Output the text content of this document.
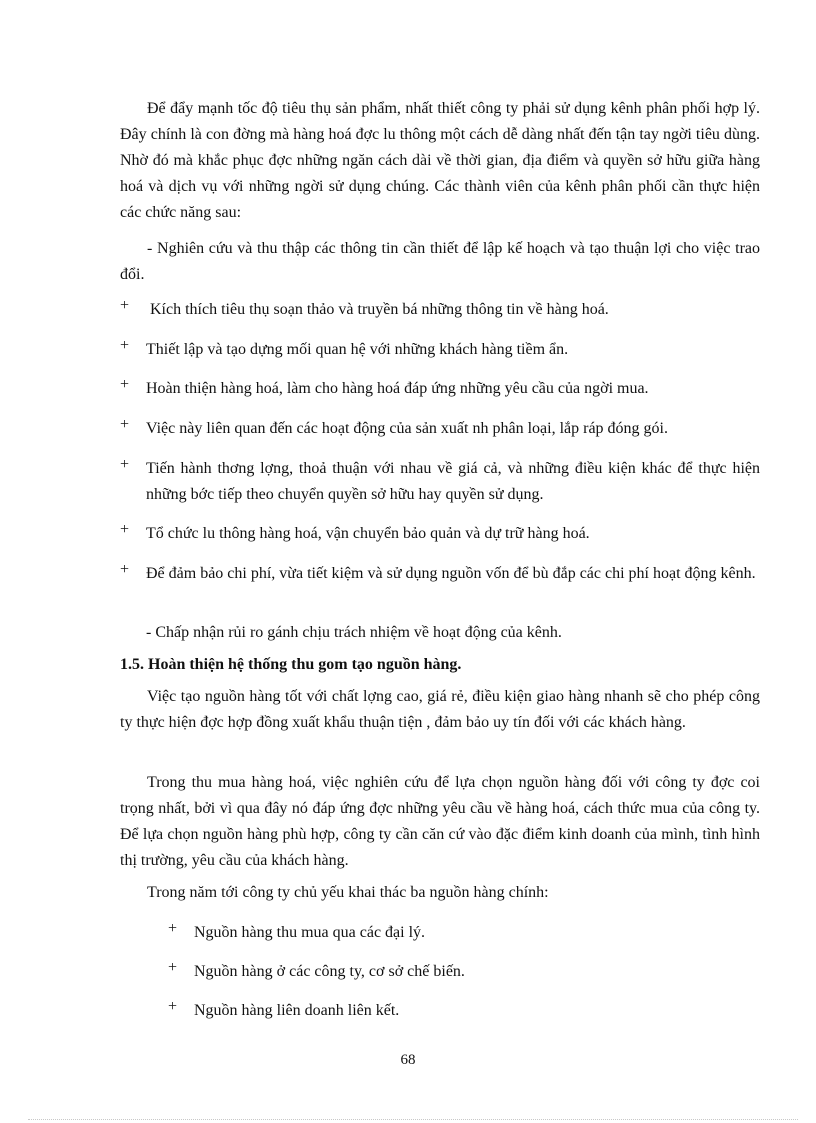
Để đẩy mạnh tốc độ tiêu thụ sản phẩm, nhất thiết công ty phải sử dụng kênh phân phối hợp lý. Đây chính là con đờng mà hàng hoá đợc lu thông một cách dễ dàng nhất đến tận tay ngời tiêu dùng. Nhờ đó mà khắc phục đợc những ngăn cách dài về thời gian, địa điểm và quyền sở hữu giữa hàng hoá và dịch vụ với những ngời sử dụng chúng. Các thành viên của kênh phân phối cần thực hiện các chức năng sau:
- Nghiên cứu và thu thập các thông tin cần thiết để lập kế hoạch và tạo thuận lợi cho việc trao đổi.
+	Kích thích tiêu thụ soạn thảo và truyền bá những thông tin về hàng hoá.
+	Thiết lập và tạo dựng mối quan hệ với những khách hàng tiềm ẩn.
+	Hoàn thiện hàng hoá, làm cho hàng hoá đáp ứng những yêu cầu của ngời mua.
+	Việc này liên quan đến các hoạt động của sản xuất nh phân loại, lắp ráp đóng gói.
+	Tiến hành thơng lợng, thoả thuận với nhau về giá cả, và những điều kiện khác để thực hiện những bớc tiếp theo chuyển quyền sở hữu hay quyền sử dụng.
+	Tổ chức lu thông hàng hoá, vận chuyển bảo quản và dự trữ hàng hoá.
+	Để đảm bảo chi phí, vừa tiết kiệm và sử dụng nguồn vốn để bù đắp các chi phí hoạt động kênh.
- Chấp nhận rủi ro gánh chịu trách nhiệm về hoạt động của kênh.
1.5. Hoàn thiện hệ thống thu gom tạo nguồn hàng.
Việc tạo nguồn hàng tốt với chất lợng cao, giá rẻ, điều kiện giao hàng nhanh sẽ cho phép công ty thực hiện đợc hợp đồng xuất khẩu thuận tiện , đảm bảo uy tín đối với các khách hàng.
Trong thu mua hàng hoá, việc nghiên cứu để lựa chọn nguồn hàng đối với công ty đợc coi trọng nhất, bởi vì qua đây nó đáp ứng đợc những yêu cầu về hàng hoá, cách thức mua của công ty. Để lựa chọn nguồn hàng phù hợp, công ty cần căn cứ vào đặc điểm kinh doanh của mình, tình hình thị trường, yêu cầu của khách hàng.
Trong năm tới công ty chủ yếu khai thác ba nguồn hàng chính:
+ Nguồn hàng thu mua qua các đại lý.
+ Nguồn hàng ở các công ty, cơ sở chế biến.
+ Nguồn hàng liên doanh liên kết.
68
